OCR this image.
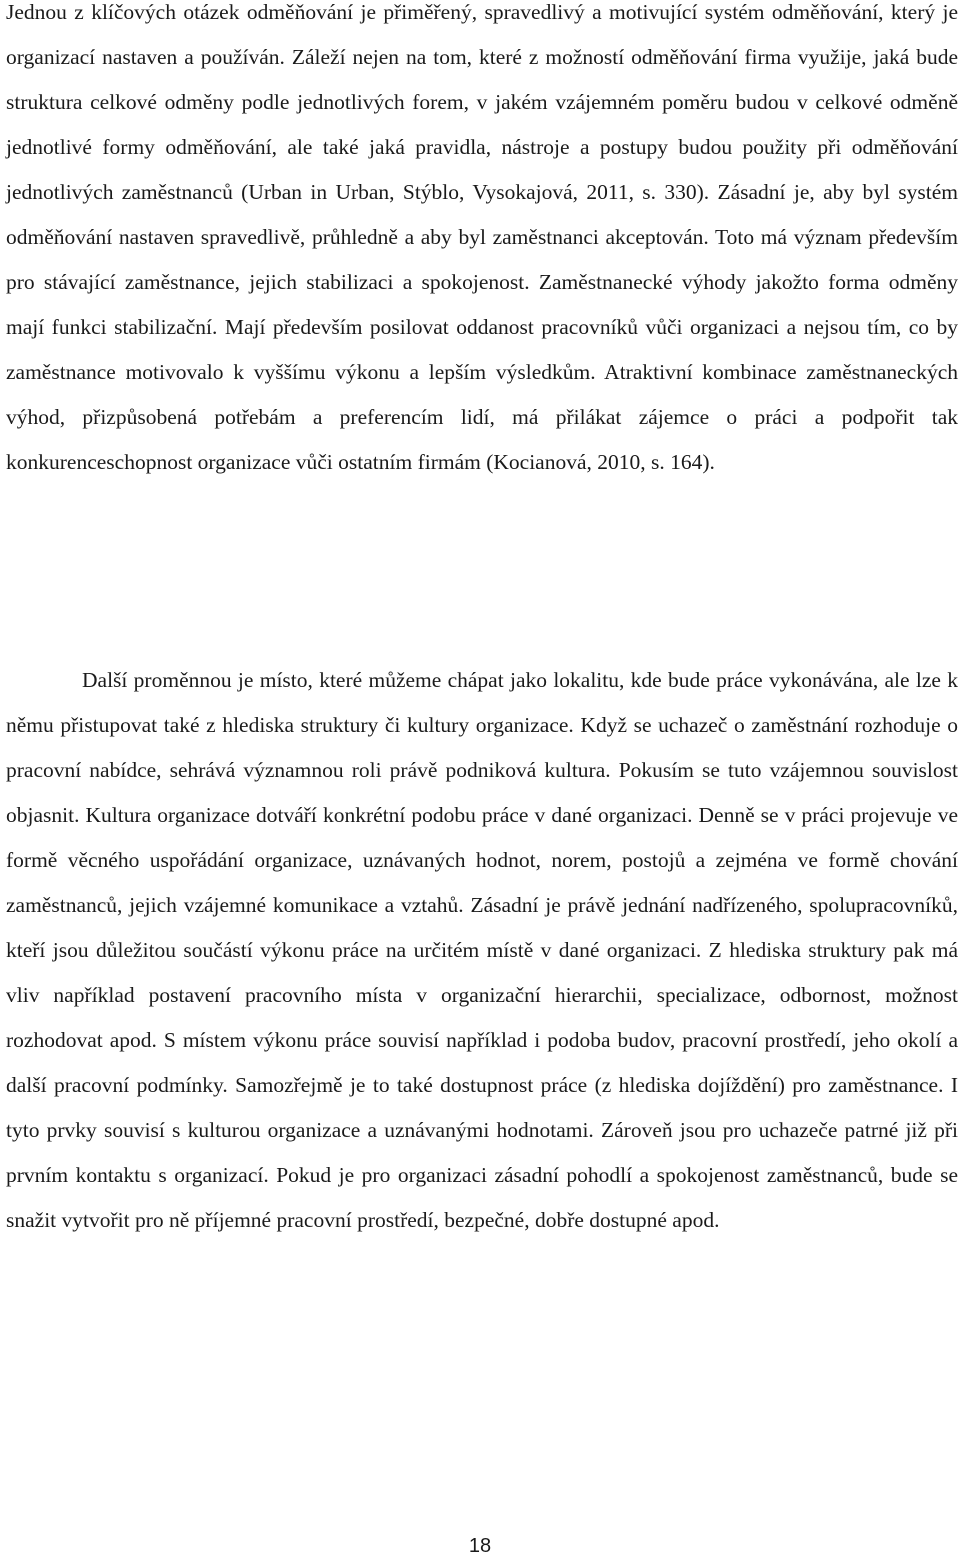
Jednou z klíčových otázek odměňování je přiměřený, spravedlivý a motivující systém odměňování, který je organizací nastaven a používán. Záleží nejen na tom, které z možností odměňování firma využije, jaká bude struktura celkové odměny podle jednotlivých forem, v jakém vzájemném poměru budou v celkové odměně jednotlivé formy odměňování, ale také jaká pravidla, nástroje a postupy budou použity při odměňování jednotlivých zaměstnanců (Urban in Urban, Stýblo, Vysokajová, 2011, s. 330). Zásadní je, aby byl systém odměňování nastaven spravedlivě, průhledně a aby byl zaměstnanci akceptován. Toto má význam především pro stávající zaměstnance, jejich stabilizaci a spokojenost. Zaměstnanecké výhody jakožto forma odměny mají funkci stabilizační. Mají především posilovat oddanost pracovníků vůči organizaci a nejsou tím, co by zaměstnance motivovalo k vyššímu výkonu a lepším výsledkům. Atraktivní kombinace zaměstnaneckých výhod, přizpůsobená potřebám a preferencím lidí, má přilákat zájemce o práci a podpořit tak konkurenceschopnost organizace vůči ostatním firmám (Kocianová, 2010, s. 164).

Další proměnnou je místo, které můžeme chápat jako lokalitu, kde bude práce vykonávána, ale lze k němu přistupovat také z hlediska struktury či kultury organizace. Když se uchazeč o zaměstnání rozhoduje o pracovní nabídce, sehrává významnou roli právě podniková kultura. Pokusím se tuto vzájemnou souvislost objasnit. Kultura organizace dotváří konkrétní podobu práce v dané organizaci. Denně se v práci projevuje ve formě věcného uspořádání organizace, uznávaných hodnot, norem, postojů a zejména ve formě chování zaměstnanců, jejich vzájemné komunikace a vztahů. Zásadní je právě jednání nadřízeného, spolupracovníků, kteří jsou důležitou součástí výkonu práce na určitém místě v dané organizaci. Z hlediska struktury pak má vliv například postavení pracovního místa v organizační hierarchii, specializace, odbornost, možnost rozhodovat apod. S místem výkonu práce souvisí například i podoba budov, pracovní prostředí, jeho okolí a další pracovní podmínky. Samozřejmě je to také dostupnost práce (z hlediska dojíždění) pro zaměstnance. I tyto prvky souvisí s kulturou organizace a uznávanými hodnotami. Zároveň jsou pro uchazeče patrné již při prvním kontaktu s organizací. Pokud je pro organizaci zásadní pohodlí a spokojenost zaměstnanců, bude se snažit vytvořit pro ně příjemné pracovní prostředí, bezpečné, dobře dostupné apod.

18
